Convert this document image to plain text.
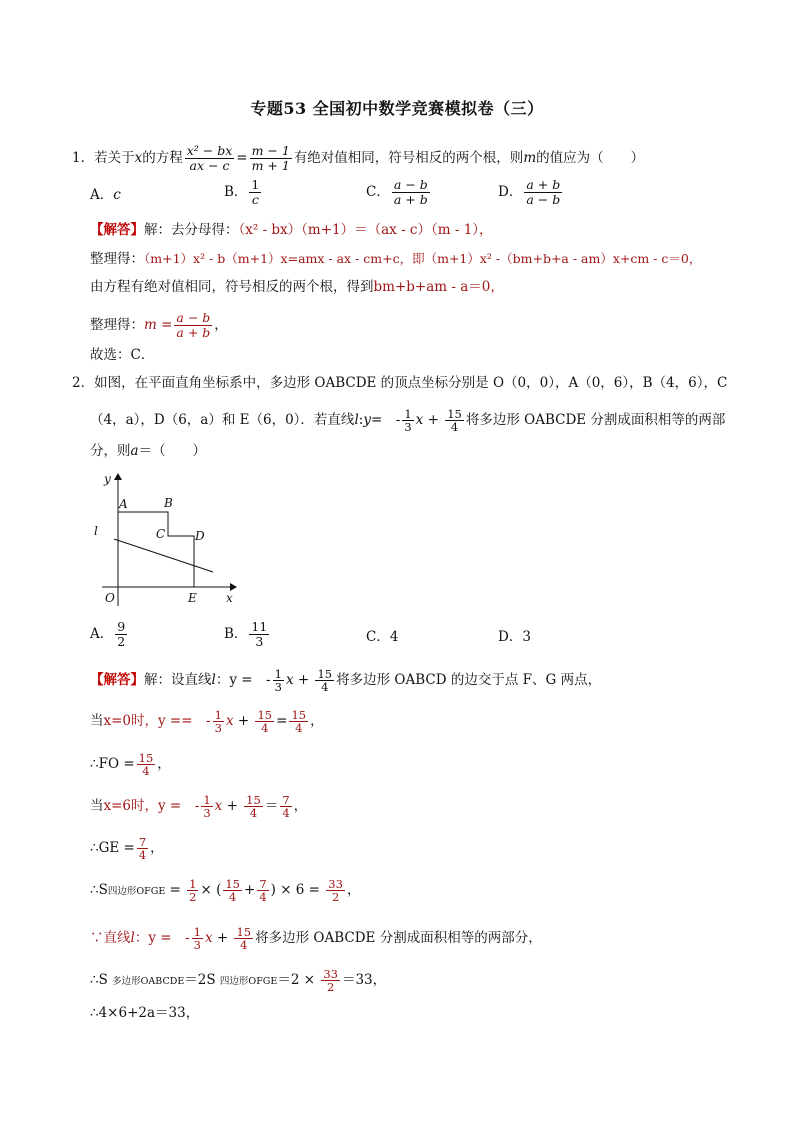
专题53 全国初中数学竞赛模拟卷（三）
1．若关于x的方程 $\frac{\text{x² − bx}}{ax - c} = \frac{m - 1}{m + 1}$ 有绝对值相同，符号相反的两个根，则m的值应为（　　）
A．c	B． $\frac{1}{c}$	C． $\frac{a - b}{a + b}$	D． $\frac{a + b}{a - b}$
【解答】解：去分母得：（x² - bx）（m+1）＝（ax - c）（m - 1），
整理得：（m+1）x² - b（m+1）x=amx - ax - cm+c，即（m+1）x² -（bm+b+a - am）x+cm - c＝0，
由方程有绝对值相同，符号相反的两个根，得到bm+b+am - a＝0，
整理得：$m = \frac{a - b}{a + b}$ ，
故选：C．
2．如图，在平面直角坐标系中，多边形 OABCDE 的顶点坐标分别是 O（0，0），A（0，6），B（4，6），C
（4，a），D（6，a）和 E（6，0）．若直线l:y=　- $\frac{1}{3}$ $x + \frac{15}{4}$ 将多边形 OABCDE 分割成面积相等的两部
分，则a＝（　　）
y
A	B
C D
l
O	E x
A． $\frac{9}{2}$	B． $\frac{11}{3}$	C．4	D．3
【解答】解：设直线l：y =　- $\frac{1}{3}$ $x + \frac{15}{4}$ 将多边形 OABCD 的边交于点 F、G 两点，
当x=0时，y ==　- $\frac{1}{3}$ $x + \frac{15}{4} = \frac{15}{4}$ ，
∴FO = $\frac{15}{4}$ ，
当x=6时，y =　- $\frac{1}{3}$ $x + \frac{15}{4} = \frac{7}{4}$ ，
∴GE = $\frac{7}{4}$ ，
∴S四边形OFGE = $\frac{1}{2}$ × ( $\frac{15}{4} + \frac{7}{4}$ ) × $6 = \frac{33}{2}$ ，
∵直线l：y =　- $\frac{1}{3}$ $x + \frac{15}{4}$ 将多边形 OABCDE 分割成面积相等的两部分，
∴S 多边形OABCDE＝2S 四边形OFGE＝2 × $\frac{33}{2} =33$，
∴4×6+2a＝33，
